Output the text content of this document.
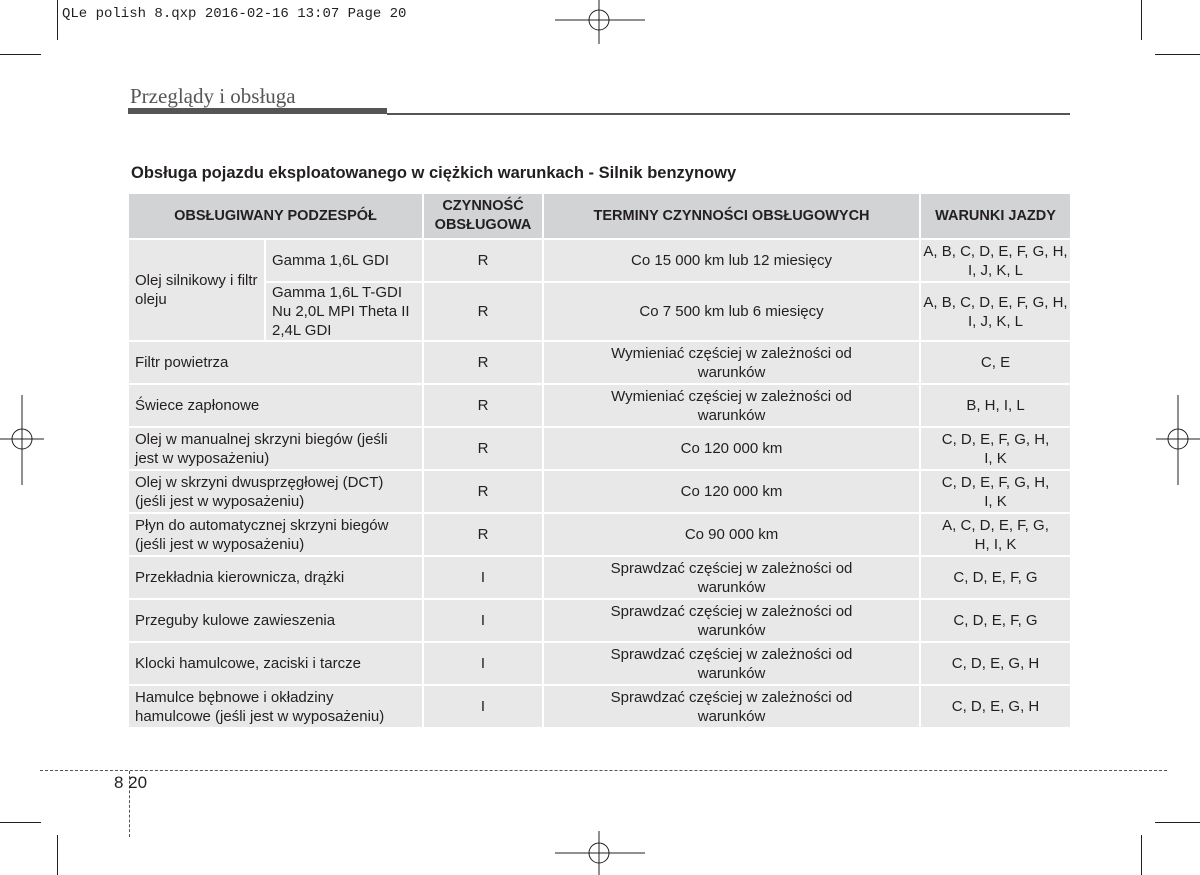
QLe polish 8.qxp 2016-02-16 13:07 Page 20
Przeglądy i obsługa
Obsługa pojazdu eksploatowanego w ciężkich warunkach - Silnik benzynowy
OBSŁUGIWANY PODZESPÓŁ		CZYNNOŚĆ OBSŁUGOWA	TERMINY CZYNNOŚCI OBSŁUGOWYCH	WARUNKI JAZDY
Olej silnikowy i filtr oleju	Gamma 1,6L GDI	R	Co 15 000 km lub 12 miesięcy	A, B, C, D, E, F, G, H, I, J, K, L
	Gamma 1,6L T-GDI Nu 2,0L MPI Theta II 2,4L GDI	R	Co 7 500 km lub 6 miesięcy	A, B, C, D, E, F, G, H, I, J, K, L
Filtr powietrza		R	Wymieniać częściej w zależności od warunków	C, E
Świece zapłonowe		R	Wymieniać częściej w zależności od warunków	B, H, I, L
Olej w manualnej skrzyni biegów (jeśli jest w wyposażeniu)		R	Co 120 000 km	C, D, E, F, G, H, I, K
Olej w skrzyni dwusprzęgłowej (DCT) (jeśli jest w wyposażeniu)		R	Co 120 000 km	C, D, E, F, G, H, I, K
Płyn do automatycznej skrzyni biegów (jeśli jest w wyposażeniu)		R	Co 90 000 km	A, C, D, E, F, G, H, I, K
Przekładnia kierownicza, drążki		I	Sprawdzać częściej w zależności od warunków	C, D, E, F, G
Przeguby kulowe zawieszenia		I	Sprawdzać częściej w zależności od warunków	C, D, E, F, G
Klocki hamulcowe, zaciski i tarcze		I	Sprawdzać częściej w zależności od warunków	C, D, E, G, H
Hamulce bębnowe i okładziny hamulcowe (jeśli jest w wyposażeniu)		I	Sprawdzać częściej w zależności od warunków	C, D, E, G, H
8 20
